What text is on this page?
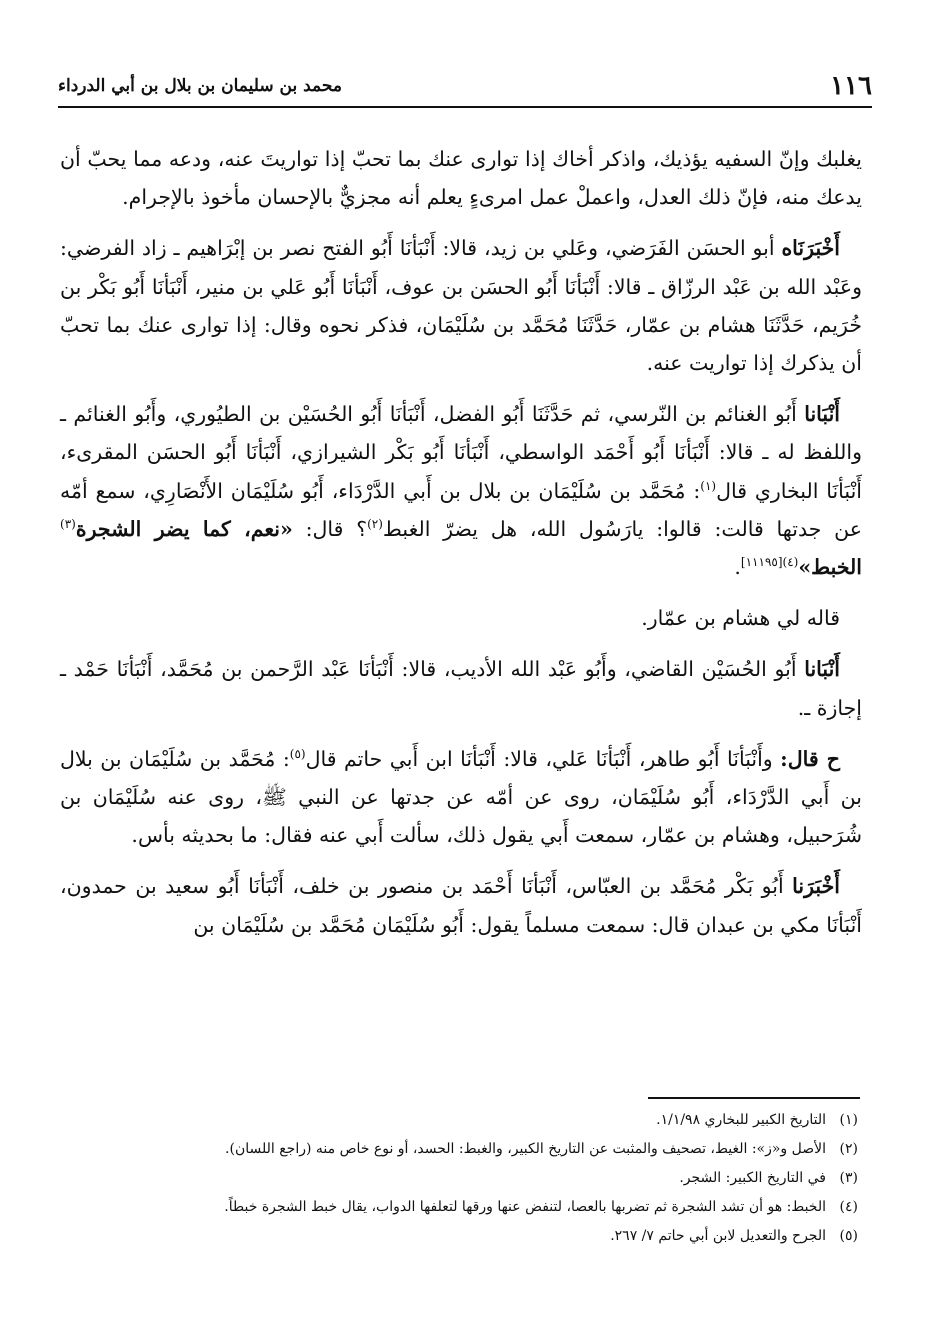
١١٦
محمد بن سليمان بن بلال بن أبي الدرداء

يغلبك وإنّ السفيه يؤذيك، واذكر أخاك إذا توارى عنك بما تحبّ إذا تواريتَ عنه، ودعه مما يحبّ أن يدعك منه، فإنّ ذلك العدل، واعملْ عمل امرىءٍ يعلم أنه مجزيٌّ بالإحسان مأخوذ بالإجرام.

أَخْبَرَنَاه أبو الحسَن الفَرَضي، وعَلي بن زيد، قالا: أَنْبَأنَا أَبُو الفتح نصر بن إبْرَاهيم ـ زاد الفرضي: وعَبْد الله بن عَبْد الرزّاق ـ قالا: أَنْبَأنَا أَبُو الحسَن بن عوف، أَنْبَأنَا أَبُو عَلي بن منير، أَنْبَأنَا أَبُو بَكْر بن خُرَيم، حَدَّثَنَا هشام بن عمّار، حَدَّثَنَا مُحَمَّد بن سُلَيْمَان، فذكر نحوه وقال: إذا توارى عنك بما تحبّ أن يذكرك إذا تواريت عنه.

أَنْبَانا أَبُو الغنائم بن النّرسي، ثم حَدَّثَنَا أَبُو الفضل، أَنْبَأنَا أَبُو الحُسَيْن بن الطيُوري، وأَبُو الغنائم ـ واللفظ له ـ قالا: أَنْبَأنَا أَبُو أَحْمَد الواسطي، أَنْبَأنَا أَبُو بَكْر الشيرازي، أَنْبَأنَا أَبُو الحسَن المقرىء، أَنْبَأنَا البخاري قال$^{(١)}$: مُحَمَّد بن سُلَيْمَان بن بلال بن أَبي الدَّرْدَاء، أَبُو سُلَيْمَان الأَنْصَارِي، سمع أمّه عن جدتها قالت: قالوا: يارَسُول الله، هل يضرّ الغبط$^{(٢)}$؟ قال: «نعم، كما يضر الشجرة$^{(٣)}$ الخبط»$^{(٤)[١١١٩٥]}$.

قاله لي هشام بن عمّار.

أَنْبَانا أَبُو الحُسَيْن القاضي، وأَبُو عَبْد الله الأديب، قالا: أَنْبَأنَا عَبْد الرَّحمن بن مُحَمَّد، أَنْبَأنَا حَمْد ـ إجازة ـ.

ح قال: وأَنْبَأنَا أَبُو طاهر، أَنْبَأنَا عَلي، قالا: أَنْبَأنَا ابن أَبي حاتم قال$^{(٥)}$: مُحَمَّد بن سُلَيْمَان بن بلال بن أَبي الدَّرْدَاء، أَبُو سُلَيْمَان، روى عن أمّه عن جدتها عن النبي ﷺ، روى عنه سُلَيْمَان بن شُرَحبيل، وهشام بن عمّار، سمعت أَبي يقول ذلك، سألت أَبي عنه فقال: ما بحديثه بأس.

أَخْبَرَنا أَبُو بَكْر مُحَمَّد بن العبّاس، أَنْبَأنَا أَحْمَد بن منصور بن خلف، أَنْبَأنَا أَبُو سعيد بن حمدون، أَنْبَأنَا مكي بن عبدان قال: سمعت مسلماً يقول: أَبُو سُلَيْمَان مُحَمَّد بن سُلَيْمَان بن

(١)
التاريخ الكبير للبخاري ١/١/٩٨.
(٢)
الأصل و«ز»: الغيط، تصحيف والمثبت عن التاريخ الكبير، والغبط: الحسد، أو نوع خاص منه (راجع اللسان).
(٣)
في التاريخ الكبير: الشجر.
(٤)
الخبط: هو أن تشد الشجرة ثم تضربها بالعصا، لتنفض عنها ورقها لتعلفها الدواب، يقال خبط الشجرة خبطاً.
(٥)
الجرح والتعديل لابن أبي حاتم ٧/ ٢٦٧.
